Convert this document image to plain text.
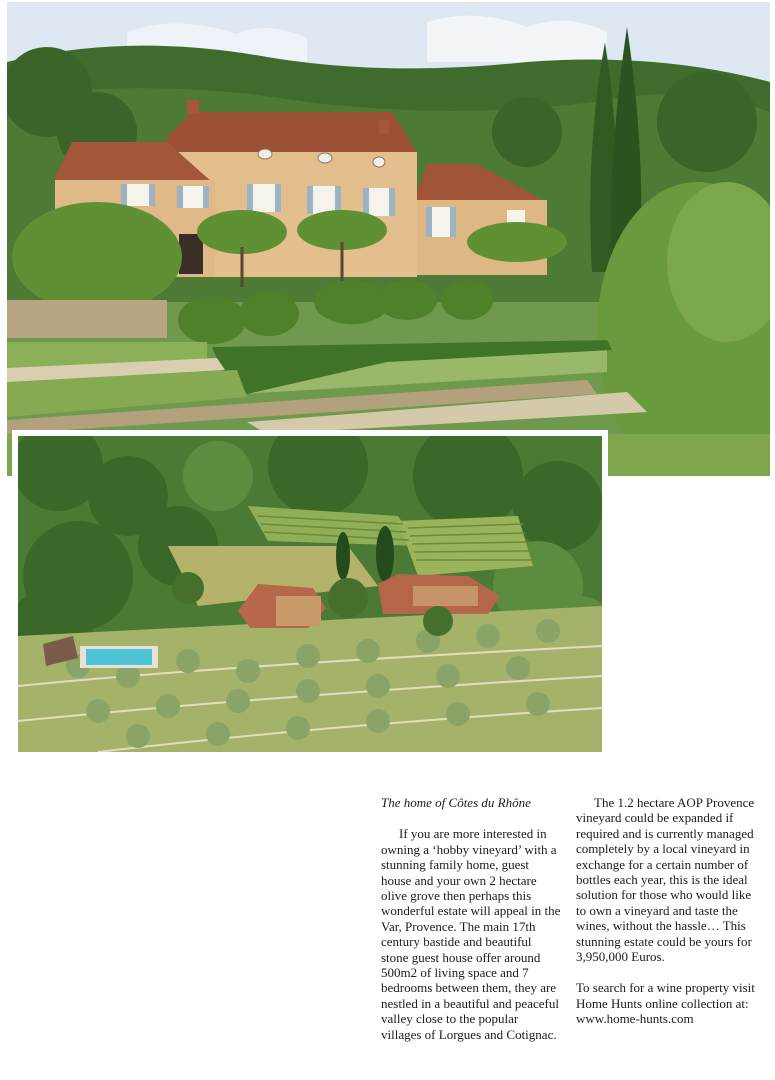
The home of Côtes du Rhône

If you are more interested in owning a ‘hobby vineyard’ with a stunning family home, guest house and your own 2 hectare olive grove then perhaps this wonderful estate will appeal in the Var, Provence. The main 17th century bastide and beautiful stone guest house offer around 500m2 of living space and 7 bedrooms between them, they are nestled in a beautiful and peaceful valley close to the popular villages of Lorgues and Cotignac.

The 1.2 hectare AOP Provence vineyard could be expanded if required and is currently managed completely by a local vineyard in exchange for a certain number of bottles each year, this is the ideal solution for those who would like to own a vineyard and taste the wines, without the hassle… This stunning estate could be yours for 3,950,000 Euros.

To search for a wine property visit Home Hunts online collection at: www.home-hunts.com
